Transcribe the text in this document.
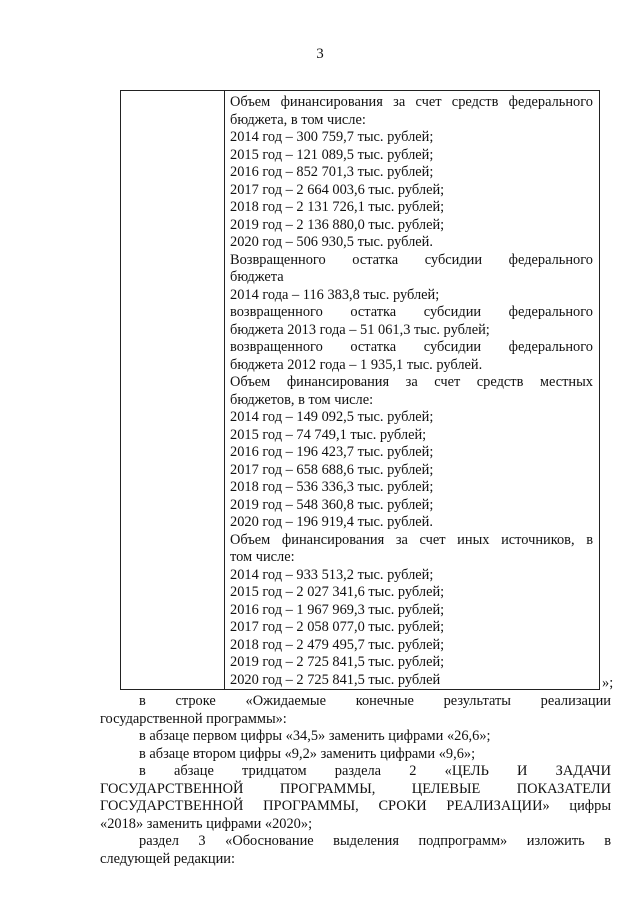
3
Объем финансирования за счет средств федерального
бюджета, в том числе:
2014 год – 300 759,7 тыс. рублей;
2015 год – 121 089,5 тыс. рублей;
2016 год – 852 701,3 тыс. рублей;
2017 год – 2 664 003,6 тыс. рублей;
2018 год – 2 131 726,1 тыс. рублей;
2019 год – 2 136 880,0 тыс. рублей;
2020 год – 506 930,5 тыс. рублей.
Возвращенного остатка субсидии федерального
бюджета
2014 года – 116 383,8 тыс. рублей;
возвращенного остатка субсидии федерального
бюджета 2013 года – 51 061,3 тыс. рублей;
возвращенного остатка субсидии федерального
бюджета 2012 года – 1 935,1 тыс. рублей.
Объем финансирования за счет средств местных
бюджетов, в том числе:
2014 год – 149 092,5 тыс. рублей;
2015 год – 74 749,1 тыс. рублей;
2016 год – 196 423,7 тыс. рублей;
2017 год – 658 688,6 тыс. рублей;
2018 год – 536 336,3 тыс. рублей;
2019 год – 548 360,8 тыс. рублей;
2020 год – 196 919,4 тыс. рублей.
Объем финансирования за счет иных источников, в
том числе:
2014 год – 933 513,2 тыс. рублей;
2015 год – 2 027 341,6 тыс. рублей;
2016 год – 1 967 969,3 тыс. рублей;
2017 год – 2 058 077,0 тыс. рублей;
2018 год – 2 479 495,7 тыс. рублей;
2019 год – 2 725 841,5 тыс. рублей;
2020 год – 2 725 841,5 тыс. рублей	»;
в строке «Ожидаемые конечные результаты реализации
государственной программы»:
в абзаце первом цифры «34,5» заменить цифрами «26,6»;
в абзаце втором цифры «9,2» заменить цифрами «9,6»;
в абзаце тридцатом раздела 2 «ЦЕЛЬ И ЗАДАЧИ
ГОСУДАРСТВЕННОЙ ПРОГРАММЫ, ЦЕЛЕВЫЕ ПОКАЗАТЕЛИ
ГОСУДАРСТВЕННОЙ ПРОГРАММЫ, СРОКИ РЕАЛИЗАЦИИ» цифры
«2018» заменить цифрами «2020»;
раздел 3 «Обоснование выделения подпрограмм» изложить в
следующей редакции:
